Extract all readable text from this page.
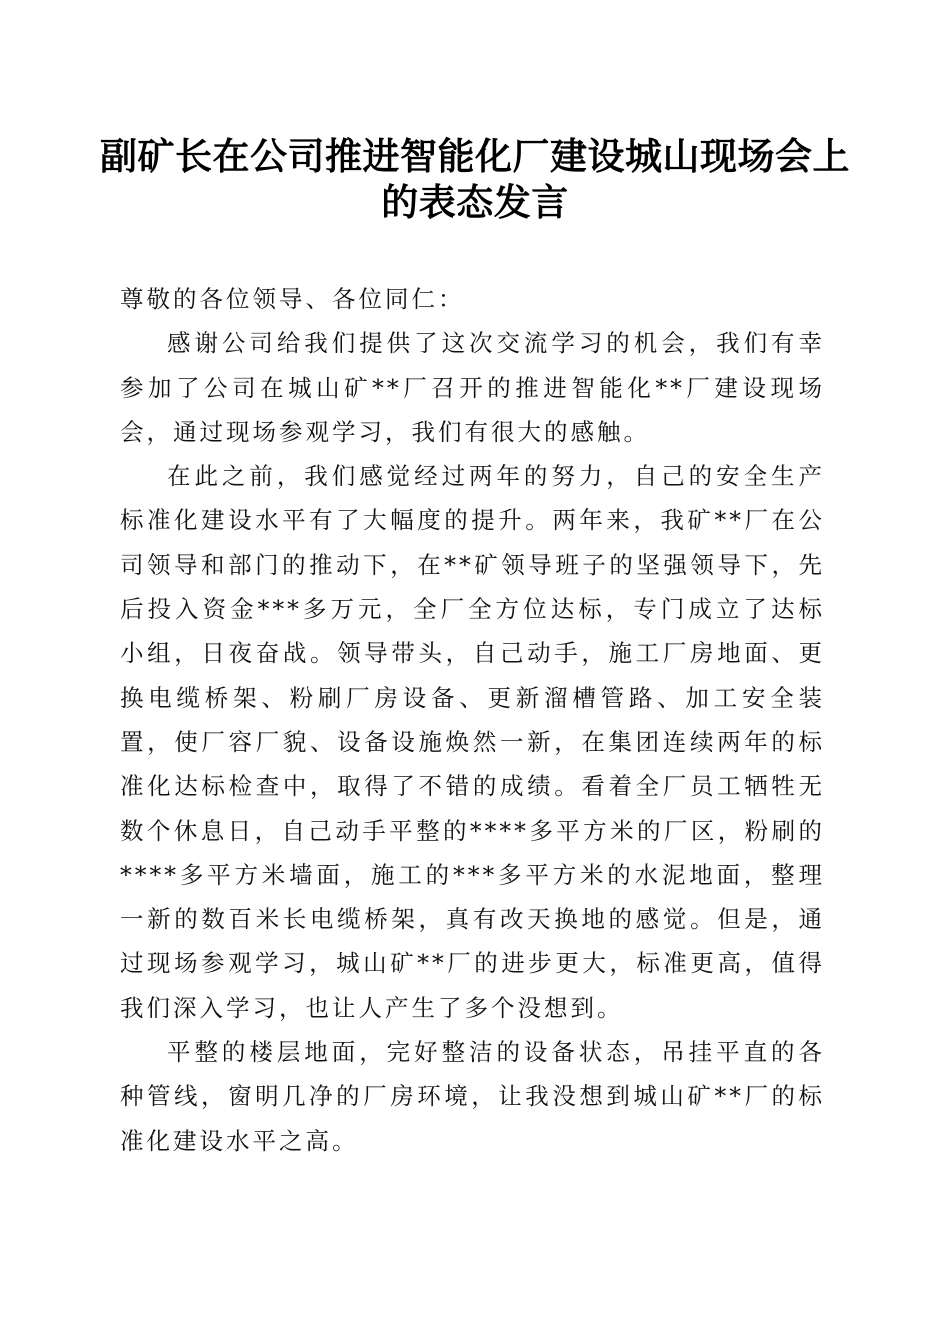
副矿长在公司推进智能化厂建设城山现场会上的表态发言

尊敬的各位领导、各位同仁：

感谢公司给我们提供了这次交流学习的机会，我们有幸参加了公司在城山矿**厂召开的推进智能化**厂建设现场会，通过现场参观学习，我们有很大的感触。

在此之前，我们感觉经过两年的努力，自己的安全生产标准化建设水平有了大幅度的提升。两年来，我矿**厂在公司领导和部门的推动下，在**矿领导班子的坚强领导下，先后投入资金***多万元，全厂全方位达标，专门成立了达标小组，日夜奋战。领导带头，自己动手，施工厂房地面、更换电缆桥架、粉刷厂房设备、更新溜槽管路、加工安全装置，使厂容厂貌、设备设施焕然一新，在集团连续两年的标准化达标检查中，取得了不错的成绩。看着全厂员工牺牲无数个休息日，自己动手平整的****多平方米的厂区，粉刷的****多平方米墙面，施工的***多平方米的水泥地面，整理一新的数百米长电缆桥架，真有改天换地的感觉。但是，通过现场参观学习，城山矿**厂的进步更大，标准更高，值得我们深入学习，也让人产生了多个没想到。

平整的楼层地面，完好整洁的设备状态，吊挂平直的各种管线，窗明几净的厂房环境，让我没想到城山矿**厂的标准化建设水平之高。
